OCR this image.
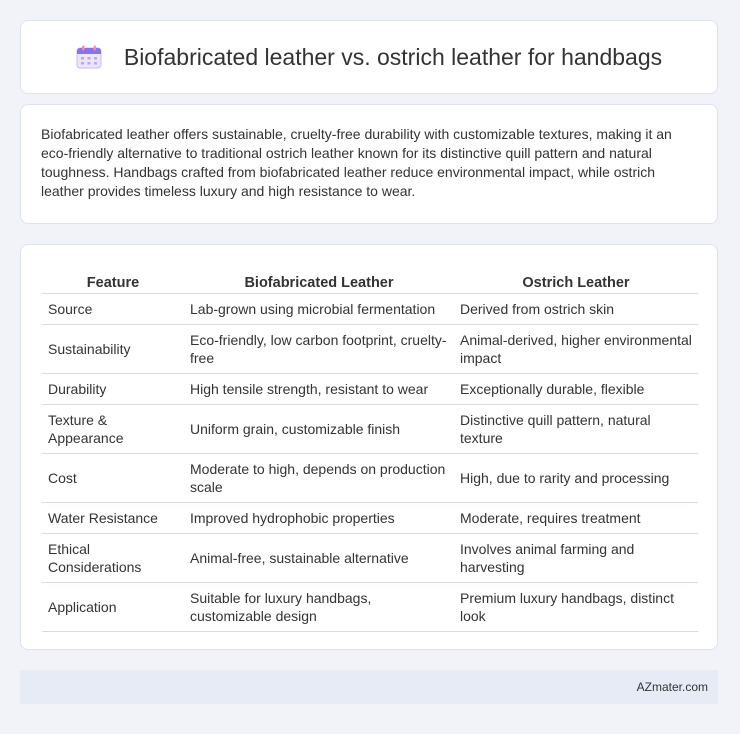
Biofabricated leather vs. ostrich leather for handbags

Biofabricated leather offers sustainable, cruelty-free durability with customizable textures, making it an eco-friendly alternative to traditional ostrich leather known for its distinctive quill pattern and natural toughness. Handbags crafted from biofabricated leather reduce environmental impact, while ostrich leather provides timeless luxury and high resistance to wear.

Feature	Biofabricated Leather	Ostrich Leather
Source	Lab-grown using microbial fermentation	Derived from ostrich skin
Sustainability	Eco-friendly, low carbon footprint, cruelty-free	Animal-derived, higher environmental impact
Durability	High tensile strength, resistant to wear	Exceptionally durable, flexible
Texture & Appearance	Uniform grain, customizable finish	Distinctive quill pattern, natural texture
Cost	Moderate to high, depends on production scale	High, due to rarity and processing
Water Resistance	Improved hydrophobic properties	Moderate, requires treatment
Ethical Considerations	Animal-free, sustainable alternative	Involves animal farming and harvesting
Application	Suitable for luxury handbags, customizable design	Premium luxury handbags, distinct look
AZmater.com
